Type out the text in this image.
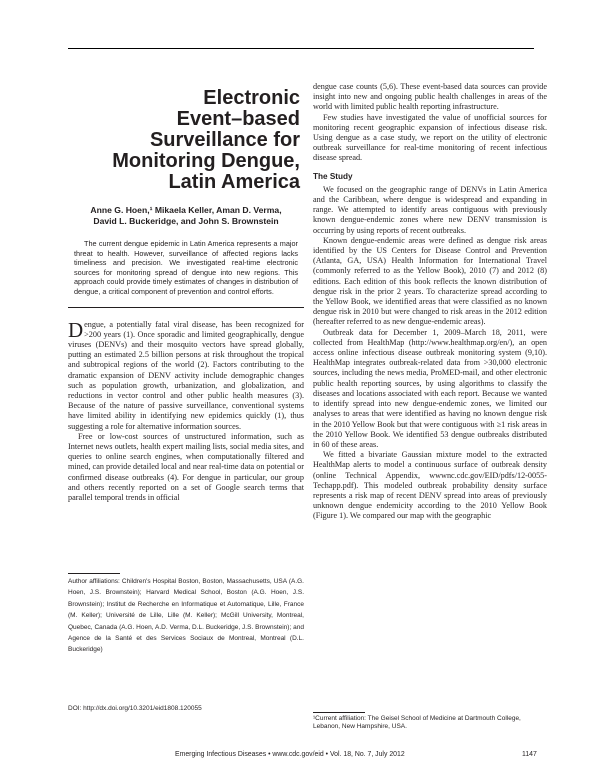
Electronic
Event–based
Surveillance for
Monitoring Dengue,
Latin America
Anne G. Hoen,¹ Mikaela Keller, Aman D. Verma,
David L. Buckeridge, and John S. Brownstein
The current dengue epidemic in Latin America represents a major threat to health. However, surveillance of affected regions lacks timeliness and precision. We investigated real-time electronic sources for monitoring spread of dengue into new regions. This approach could provide timely estimates of changes in distribution of dengue, a critical component of prevention and control efforts.

Dengue, a potentially fatal viral disease, has been recognized for >200 years (1). Once sporadic and limited geographically, dengue viruses (DENVs) and their mosquito vectors have spread globally, putting an estimated 2.5 billion persons at risk throughout the tropical and subtropical regions of the world (2). Factors contributing to the dramatic expansion of DENV activity include demographic changes such as population growth, urbanization, and globalization, and reductions in vector control and other public health measures (3). Because of the nature of passive surveillance, conventional systems have limited ability in identifying new epidemics quickly (1), thus suggesting a role for alternative information sources.

Free or low-cost sources of unstructured information, such as Internet news outlets, health expert mailing lists, social media sites, and queries to online search engines, when computationally filtered and mined, can provide detailed local and near real-time data on potential or confirmed disease outbreaks (4). For dengue in particular, our group and others recently reported on a set of Google search terms that parallel temporal trends in official

Author affiliations: Children's Hospital Boston, Boston, Massachusetts, USA (A.G. Hoen, J.S. Brownstein); Harvard Medical School, Boston (A.G. Hoen, J.S. Brownstein); Institut de Recherche en Informatique et Automatique, Lille, France (M. Keller); Université de Lille, Lille (M. Keller); McGill University, Montreal, Quebec, Canada (A.G. Hoen, A.D. Verma, D.L. Buckeridge, J.S. Brownstein); and Agence de la Santé et des Services Sociaux de Montreal, Montreal (D.L. Buckeridge)
DOI: http://dx.doi.org/10.3201/eid1808.120055

dengue case counts (5,6). These event-based data sources can provide insight into new and ongoing public health challenges in areas of the world with limited public health reporting infrastructure.

Few studies have investigated the value of unofficial sources for monitoring recent geographic expansion of infectious disease risk. Using dengue as a case study, we report on the utility of electronic outbreak surveillance for real-time monitoring of recent infectious disease spread.

The Study

We focused on the geographic range of DENVs in Latin America and the Caribbean, where dengue is widespread and expanding in range. We attempted to identify areas contiguous with previously known dengue-endemic zones where new DENV transmission is occurring by using reports of recent outbreaks.

Known dengue-endemic areas were defined as dengue risk areas identified by the US Centers for Disease Control and Prevention (Atlanta, GA, USA) Health Information for International Travel (commonly referred to as the Yellow Book), 2010 (7) and 2012 (8) editions. Each edition of this book reflects the known distribution of dengue risk in the prior 2 years. To characterize spread according to the Yellow Book, we identified areas that were classified as no known dengue risk in 2010 but were changed to risk areas in the 2012 edition (hereafter referred to as new dengue-endemic areas).

Outbreak data for December 1, 2009–March 18, 2011, were collected from HealthMap (http://www.healthmap.org/en/), an open access online infectious disease outbreak monitoring system (9,10). HealthMap integrates outbreak-related data from >30,000 electronic sources, including the news media, ProMED-mail, and other electronic public health reporting sources, by using algorithms to classify the diseases and locations associated with each report. Because we wanted to identify spread into new dengue-endemic zones, we limited our analyses to areas that were identified as having no known dengue risk in the 2010 Yellow Book but that were contiguous with ≥1 risk areas in the 2010 Yellow Book. We identified 53 dengue outbreaks distributed in 60 of these areas.

We fitted a bivariate Gaussian mixture model to the extracted HealthMap alerts to model a continuous surface of outbreak density (online Technical Appendix, wwwnc.cdc.gov/EID/pdfs/12-0055-Techapp.pdf). This modeled outbreak probability density surface represents a risk map of recent DENV spread into areas of previously unknown dengue endemicity according to the 2010 Yellow Book (Figure 1). We compared our map with the geographic

¹Current affiliation: The Geisel School of Medicine at Dartmouth College, Lebanon, New Hampshire, USA.
Emerging Infectious Diseases • www.cdc.gov/eid • Vol. 18, No. 7, July 2012	1147
